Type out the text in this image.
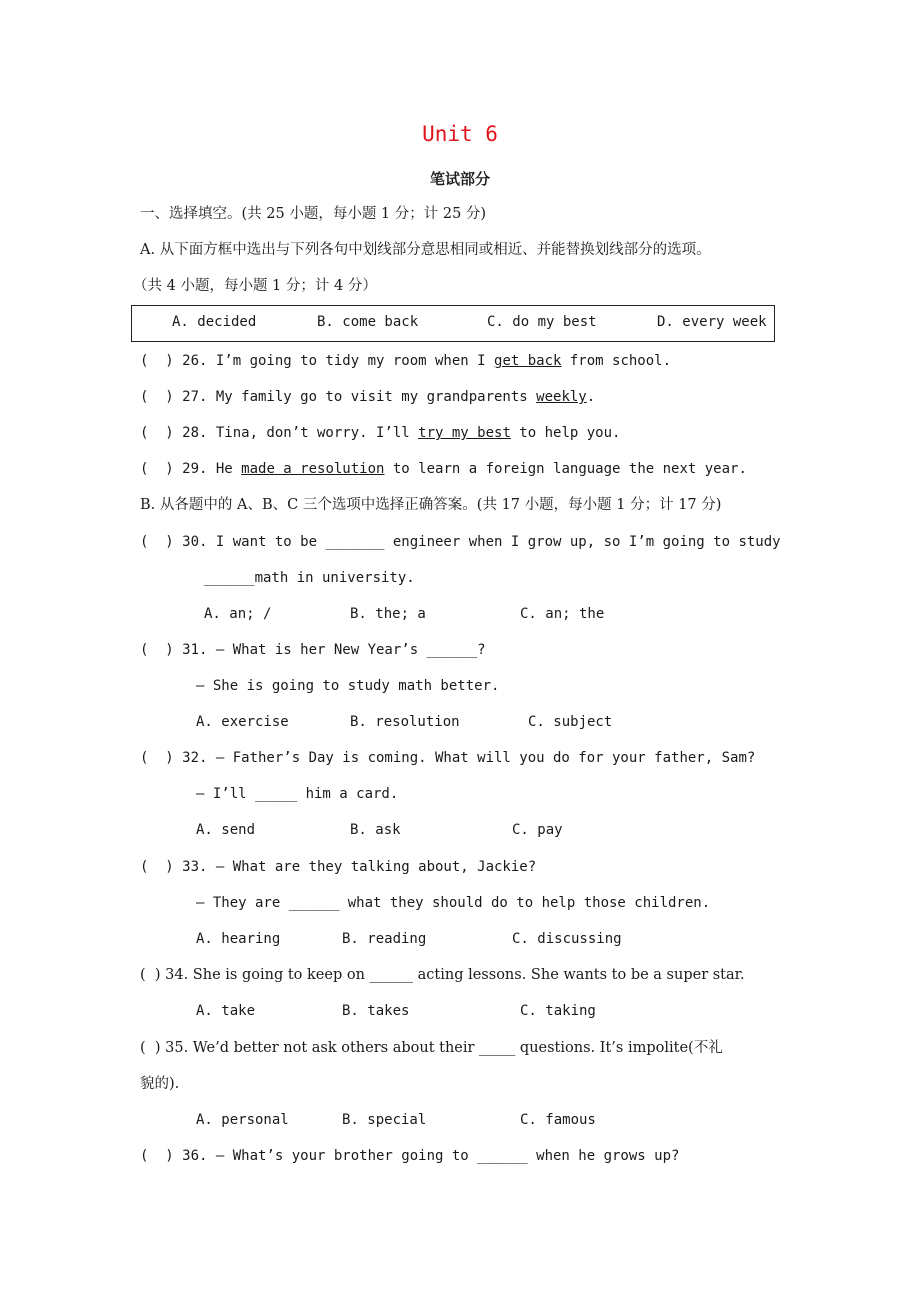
Unit 6
笔试部分
一、选择填空。(共 25 小题，每小题 1 分；计 25 分)
A. 从下面方框中选出与下列各句中划线部分意思相同或相近、并能替换划线部分的选项。
（共 4 小题，每小题 1 分；计 4 分）
A. decided	B. come back	C. do my best	D. every week
(  ) 26. I’m going to tidy my room when I get back from school.
(  ) 27. My family go to visit my grandparents weekly.
(  ) 28. Tina, don’t worry. I’ll try my best to help you.
(  ) 29. He made a resolution to learn a foreign language the next year.
B. 从各题中的 A、B、C 三个选项中选择正确答案。(共 17 小题，每小题 1 分；计 17 分)
(  ) 30. I want to be _______ engineer when I grow up, so I’m going to study
______math in university.
A. an; /	B. the; a	C. an; the
(  ) 31. — What is her New Year’s ______?
— She is going to study math better.
A. exercise	B. resolution	C. subject
(  ) 32. — Father’s Day is coming. What will you do for your father, Sam?
— I’ll _____ him a card.
A. send	B. ask	C. pay
(  ) 33. — What are they talking about, Jackie?
— They are ______ what they should do to help those children.
A. hearing	B. reading	C. discussing
(  ) 34. She is going to keep on ______ acting lessons. She wants to be a super star.
A. take	B. takes	C. taking
(  ) 35. We’d better not ask others about their _____ questions. It’s impolite(不礼
貌的).
A. personal	B. special	C. famous
(  ) 36. — What’s your brother going to ______ when he grows up?
